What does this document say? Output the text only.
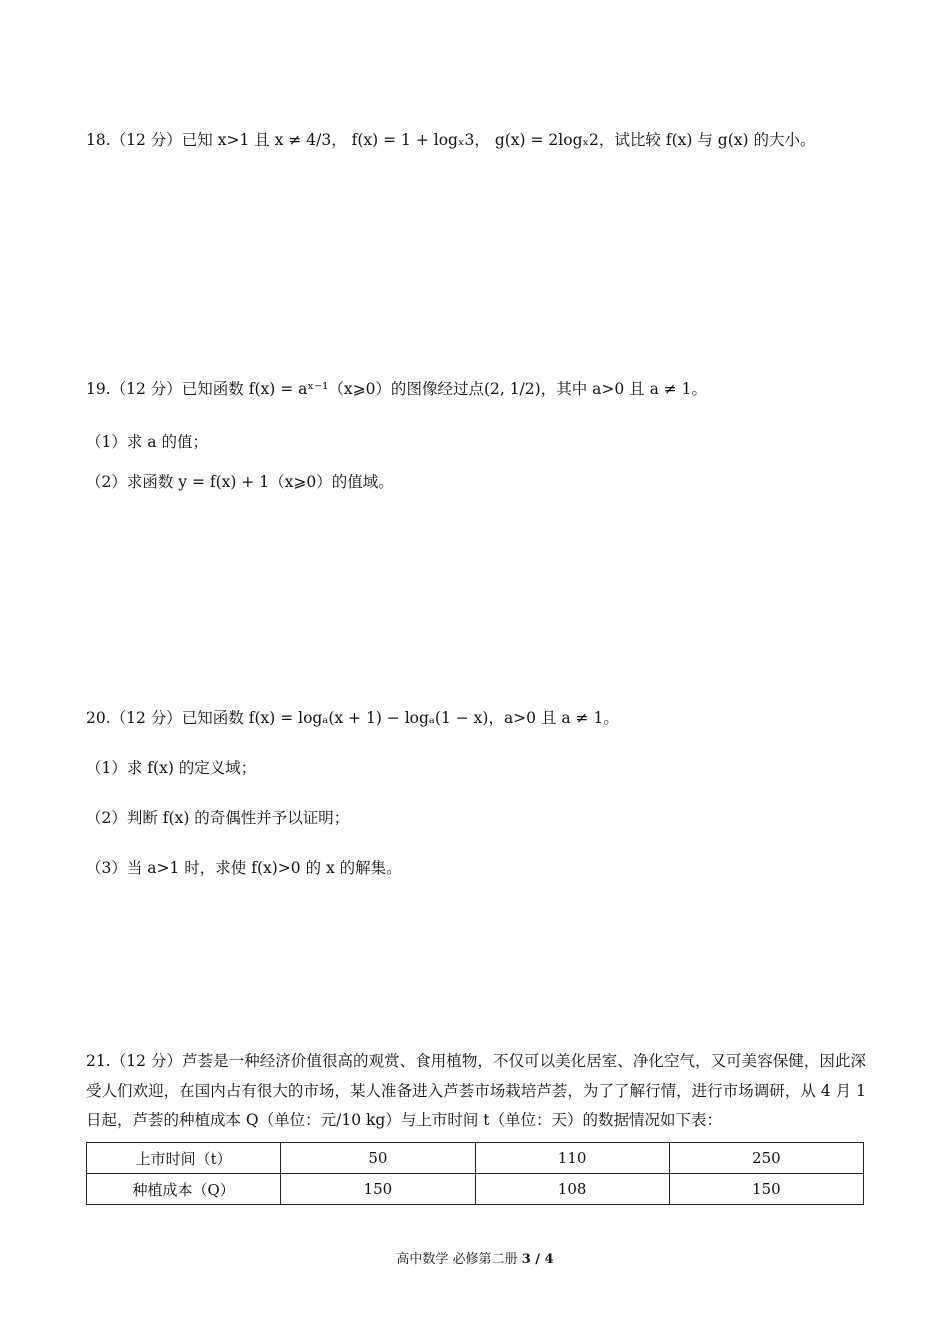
18.（12 分）已知 x>1 且 x ≠ 4/3， f(x) = 1 + logₓ3， g(x) = 2logₓ2，试比较 f(x) 与 g(x) 的大小。
19.（12 分）已知函数 f(x) = aˣ⁻¹（x⩾0）的图像经过点(2, 1/2)，其中 a>0 且 a ≠ 1。
（1）求 a 的值；
（2）求函数 y = f(x) + 1（x⩾0）的值域。
20.（12 分）已知函数 f(x) = logₐ(x + 1) − logₐ(1 − x)，a>0 且 a ≠ 1。
（1）求 f(x) 的定义域；
（2）判断 f(x) 的奇偶性并予以证明；
（3）当 a>1 时，求使 f(x)>0 的 x 的解集。
21.（12 分）芦荟是一种经济价值很高的观赏、食用植物，不仅可以美化居室、净化空气，又可美容保健，因此深受人们欢迎，在国内占有很大的市场，某人准备进入芦荟市场栽培芦荟，为了了解行情，进行市场调研，从 4 月 1 日起，芦荟的种植成本 Q（单位：元/10 kg）与上市时间 t（单位：天）的数据情况如下表：
上市时间（t）	50	110	250
种植成本（Q）	150	108	150
高中数学 必修第二册 3 / 4
